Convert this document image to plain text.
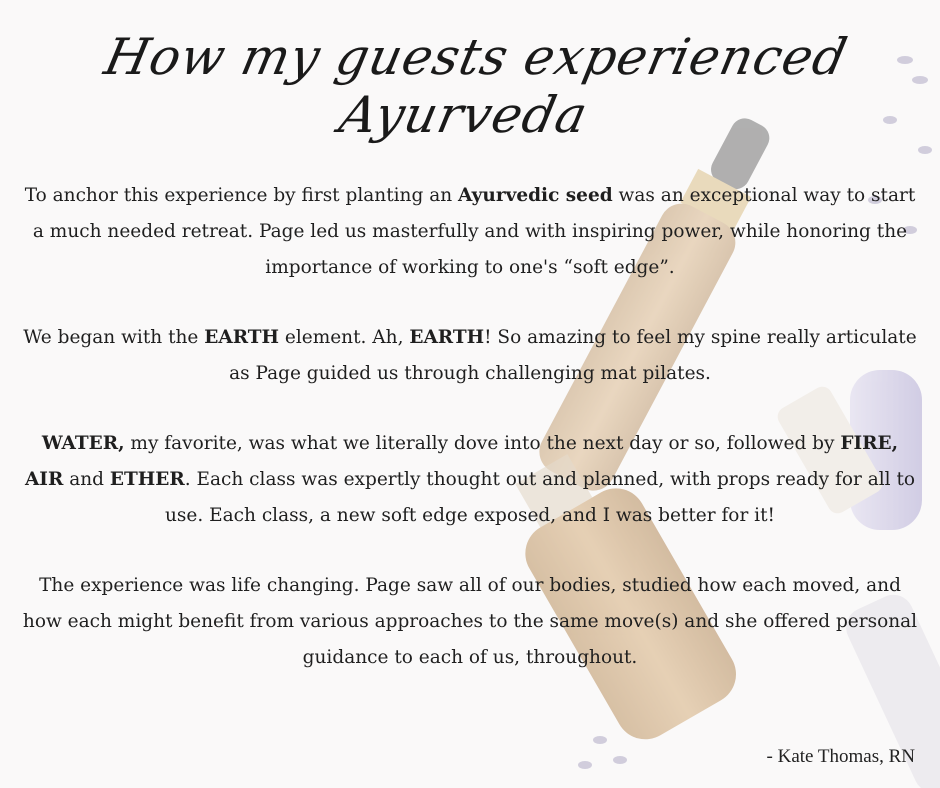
How my guests experienced Ayurveda

To anchor this experience by first planting an Ayurvedic seed was an exceptional way to start a much needed retreat. Page led us masterfully and with inspiring power, while honoring the importance of working to one's “soft edge”.

We began with the EARTH element. Ah, EARTH! So amazing to feel my spine really articulate as Page guided us through challenging mat pilates.

WATER, my favorite, was what we literally dove into the next day or so, followed by FIRE, AIR and ETHER. Each class was expertly thought out and planned, with props ready for all to use. Each class, a new soft edge exposed, and I was better for it!

The experience was life changing. Page saw all of our bodies, studied how each moved, and how each might benefit from various approaches to the same move(s) and she offered personal guidance to each of us, throughout.

- Kate Thomas, RN
